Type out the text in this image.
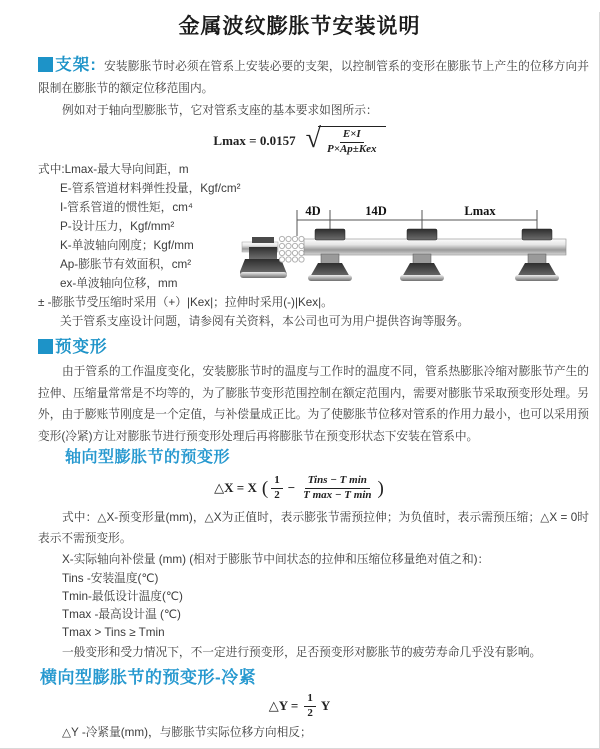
金属波纹膨胀节安装说明

支架: 安装膨胀节时必须在管系上安装必要的支架，以控制管系的变形在膨胀节上产生的位移方向并限制在膨胀节的额定位移范围内。

例如对于轴向型膨胀节，它对管系支座的基本要求如图所示：

Lmax = 0.0157 √ $\frac{E\times I}{\text{P×Ap±Kex}}$
式中:Lmax-最大导向间距，m
E-管系管道材料弹性投量，Kgf/cm²
I-管系管道的惯性矩，cm⁴
P-设计压力，Kgf/mm²
K-单波轴向刚度；Kgf/mm
Ap-膨胀节有效面积，cm²
ex-单波轴向位移，mm
4D	14D	Lmax
± -膨胀节受压缩时采用（+）|Kex|；拉伸时采用(-)|Kex|。
关于管系支座设计问题，请参阅有关资料，本公司也可为用户提供咨询等服务。
预变形

由于管系的工作温度变化，安装膨胀节时的温度与工作时的温度不同，管系热膨胀冷缩对膨胀节产生的拉伸、压缩量常常是不均等的，为了膨胀节变形范围控制在额定范围内，需要对膨胀节采取预变形处理。另外，由于膨账节刚度是一个定值，与补偿量成正比。为了使膨胀节位移对管系的作用力最小，也可以采用预变形(冷紧)方让对膨胀节进行预变形处理后再将膨胀节在预变形状态下安装在管系中。

轴向型膨胀节的预变形
△X = X ( $\frac{1}{2} - \frac{\text{Tins − T min}}{\text{T max − T min}}$ )

式中：△X-预变形量(mm)，△X为正值时，表示膨张节需预拉伸；为负值时，表示需预压缩；△X = 0时表示不需预变形。

X-实际轴向补偿量 (mm) (相对于膨胀节中间状态的拉伸和压缩位移量绝对值之和)：

Tins -安装温度(℃)
Tmin-最低设计温度(℃)
Tmax -最高设计温 (℃)
Tmax > Tins ≥ Tmin

一般变形和受力情况下，不一定进行预变形，足否预变形对膨胀节的疲劳寿命几乎没有影响。

横向型膨胀节的预变形-冷紧
△Y = $\frac{1}{2}$ Y

△Y -冷紧量(mm)，与膨胀节实际位移方向相反；
